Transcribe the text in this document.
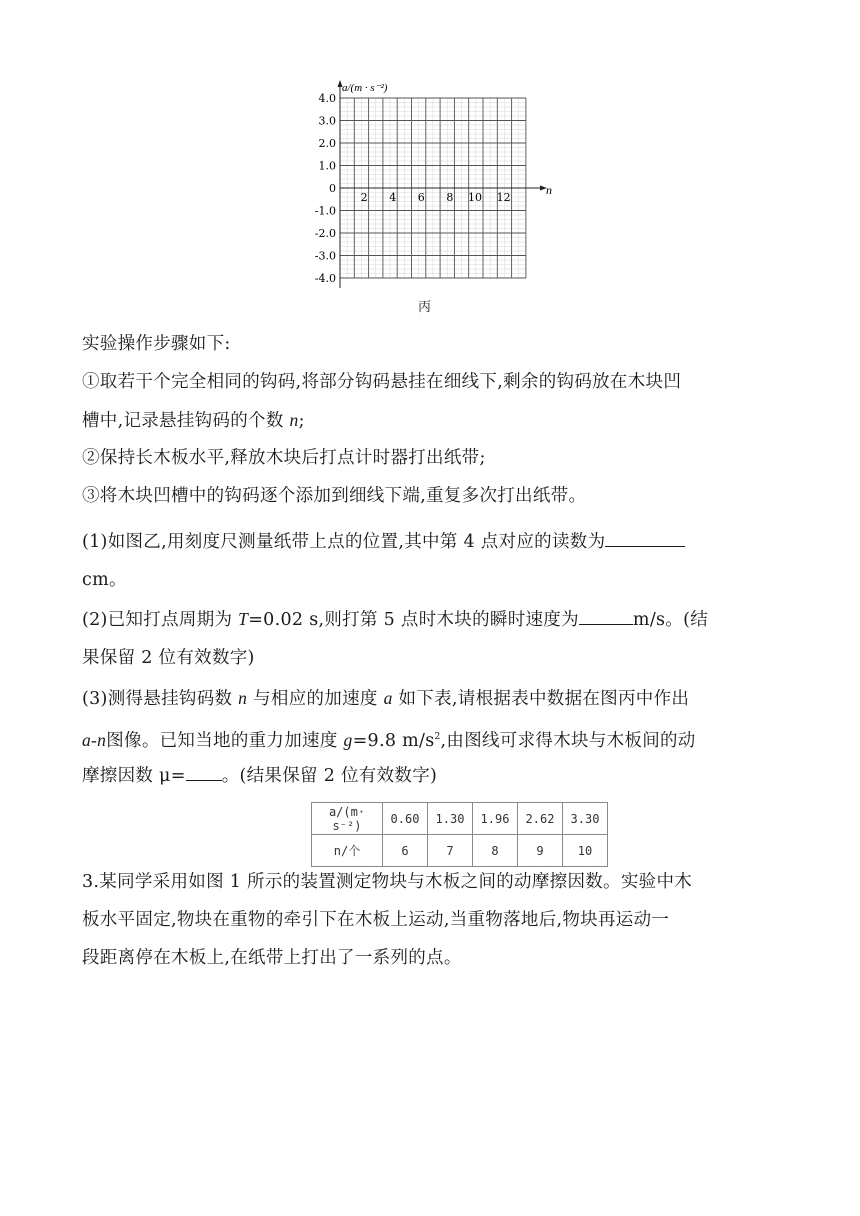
a/(m · s⁻²)
n
4.0
3.0
2.0
1.0
0
-1.0
-2.0
-3.0
-4.0
2 4 6 8 10 12
丙
实验操作步骤如下:
①取若干个完全相同的钩码,将部分钩码悬挂在细线下,剩余的钩码放在木块凹
槽中,记录悬挂钩码的个数 n;
②保持长木板水平,释放木块后打点计时器打出纸带;
③将木块凹槽中的钩码逐个添加到细线下端,重复多次打出纸带。
(1)如图乙,用刻度尺测量纸带上点的位置,其中第 4 点对应的读数为
cm。
(2)已知打点周期为 T=0.02 s,则打第 5 点时木块的瞬时速度为	m/s。(结
果保留 2 位有效数字)
(3)测得悬挂钩码数 n 与相应的加速度 a 如下表,请根据表中数据在图丙中作出
a-n图像。已知当地的重力加速度 g=9.8 $m/s^2$,由图线可求得木块与木板间的动
摩擦因数 μ= 。(结果保留 2 位有效数字)
a/(m· s⁻²)	0.60	1.30	1.96	2.62	3.30
n/个	6	7	8	9	10
3.某同学采用如图 1 所示的装置测定物块与木板之间的动摩擦因数。实验中木
板水平固定,物块在重物的牵引下在木板上运动,当重物落地后,物块再运动一
段距离停在木板上,在纸带上打出了一系列的点。
